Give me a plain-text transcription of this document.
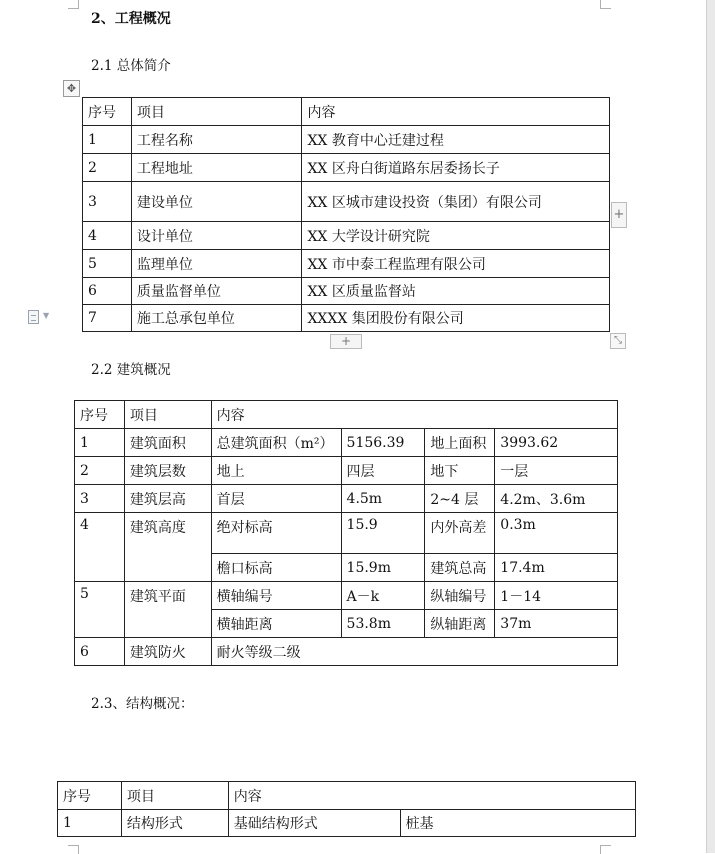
2、工程概况
2.1 总体简介
✥
序号	项目	内容
1	工程名称	XX 教育中心迁建过程
2	工程地址	XX 区舟白街道路东居委扬长子
3	建设单位	XX 区城市建设投资（集团）有限公司
4	设计单位	XX 大学设计研究院
5	监理单位	XX 市中泰工程监理有限公司
6	质量监督单位	XX 区质量监督站
7	施工总承包单位	XXXX 集团股份有限公司
+
+	⤡
▼
2.2 建筑概况
序号	项目	内容			
1	建筑面积	总建筑面积（m²）	5156.39	地上面积	3993.62
2	建筑层数	地上	四层	地下	一层
3	建筑层高	首层	4.5m	2~4 层	4.2m、3.6m
4	建筑高度	绝对标高	15.9	内外高差	0.3m
		檐口标高	15.9m	建筑总高	17.4m
5	建筑平面	横轴编号	A－k	纵轴编号	1－14
		横轴距离	53.8m	纵轴距离	37m
6	建筑防火	耐火等级二级			
2.3、结构概况：
序号	项目	内容	
1	结构形式	基础结构形式	桩基
